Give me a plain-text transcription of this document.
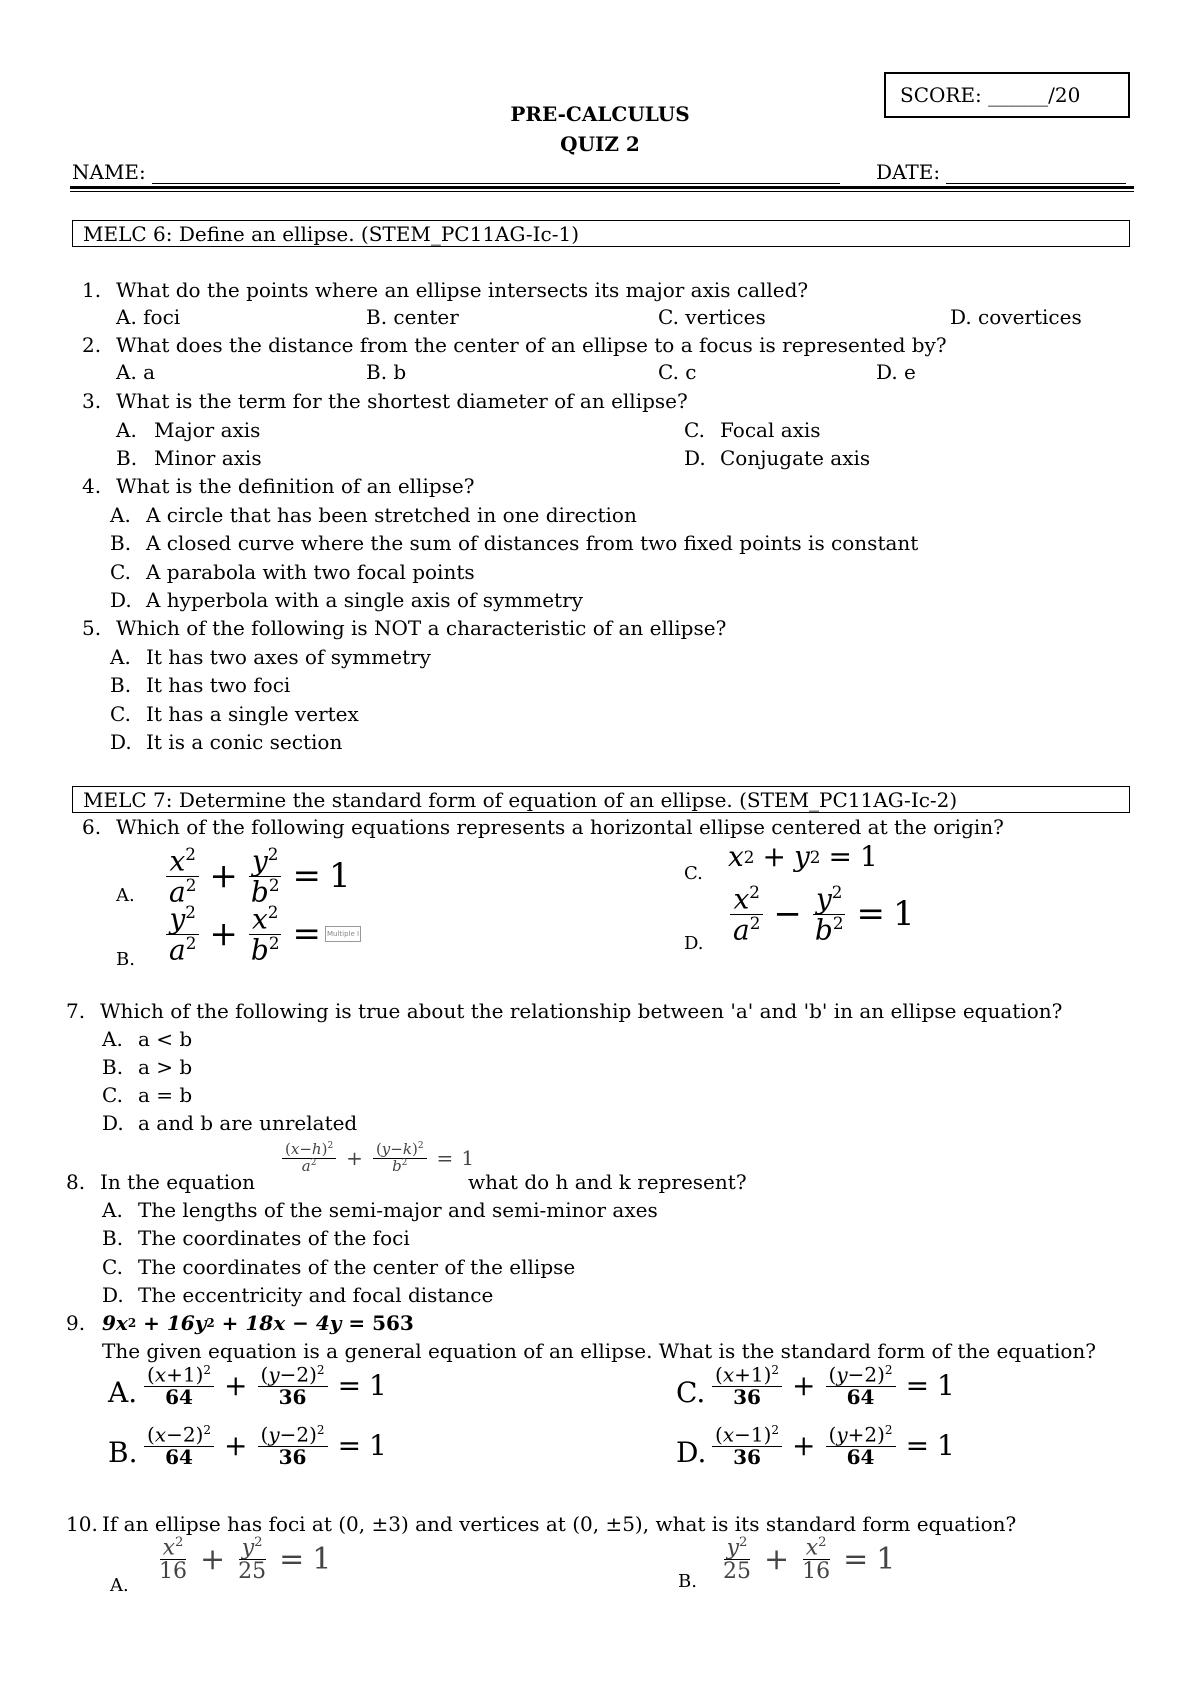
SCORE: ______/20
PRE-CALCULUS
QUIZ 2
NAME:	DATE:
MELC 6: Define an ellipse. (STEM_PC11AG-Ic-1)
1. What do the points where an ellipse intersects its major axis called?
A. foci	B. center	C. vertices	D. covertices
2. What does the distance from the center of an ellipse to a focus is represented by?
A. a	B. b	C. c	D. e
3. What is the term for the shortest diameter of an ellipse?
A. Major axis
B. Minor axis
C. Focal axis
D. Conjugate axis
4. What is the definition of an ellipse?
A. A circle that has been stretched in one direction
B. A closed curve where the sum of distances from two fixed points is constant
C. A parabola with two focal points
D. A hyperbola with a single axis of symmetry
5. Which of the following is NOT a characteristic of an ellipse?
A. It has two axes of symmetry
B. It has two foci
C. It has a single vertex
D. It is a conic section
MELC 7: Determine the standard form of equation of an ellipse. (STEM_PC11AG-Ic-2)
6. Which of the following equations represents a horizontal ellipse centered at the origin?
A. $\frac{x^2}{a^2} + \frac{y^2}{b^2} = 1$
B. $\frac{y^2}{a^2} + \frac{x^2}{b^2}$ = Multiple I
C.
x 2 + y 2 = 1
D. $\frac{x^2}{a^2} - \frac{y^2}{b^2} = 1$
7. Which of the following is true about the relationship between 'a' and 'b' in an ellipse equation?
A. a < b
B. a > b
C. a = b
D. a and b are unrelated
8. In the equation
$\frac{(x-h)^2}{a^2} + \frac{(y-k)^2}{b^2} = 1$
what do h and k represent?
A. The lengths of the semi-major and semi-minor axes
B. The coordinates of the foci
C. The coordinates of the center of the ellipse
D. The eccentricity and focal distance
9. 9x 2 + 16y 2 + 18x − 4y = 563
The given equation is a general equation of an ellipse. What is the standard form of the equation?
A. $\frac{(x+1)^2}{64} + \frac{(y-2)^2}{36} = 1$
B. $\frac{(x-2)^2}{64} + \frac{(y-2)^2}{36} = 1$
C. $\frac{(x+1)^2}{36} + \frac{(y-2)^2}{64} = 1$
D. $\frac{(x-1)^2}{36} + \frac{(y+2)^2}{64} = 1$
10. If an ellipse has foci at (0, ±3) and vertices at (0, ±5), what is its standard form equation?
A.
$\frac{x^2}{16} + \frac{y^2}{25} = 1$
B. $\frac{y^2}{25} + \frac{x^2}{16} = 1$
